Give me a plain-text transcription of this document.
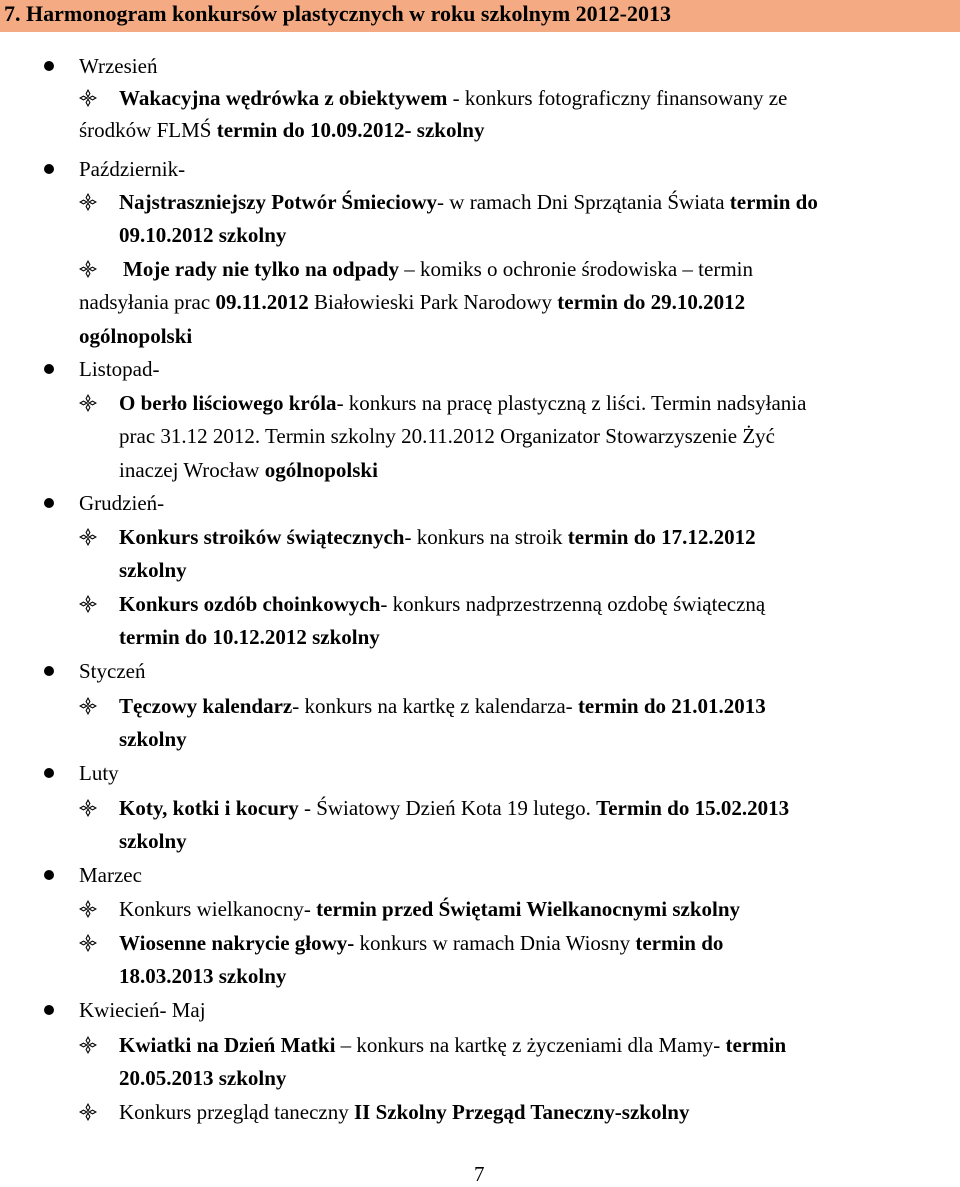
7. Harmonogram konkursów plastycznych w roku szkolnym 2012-2013
Wrzesień
Wakacyjna wędrówka z obiektywem - konkurs fotograficzny finansowany ze
środków FLMŚ termin do 10.09.2012- szkolny
Październik-
Najstraszniejszy Potwór Śmieciowy- w ramach Dni Sprzątania Świata termin do
09.10.2012 szkolny
Moje rady nie tylko na odpady – komiks o ochronie środowiska – termin
nadsyłania prac 09.11.2012 Białowieski Park Narodowy termin do 29.10.2012
ogólnopolski
Listopad-
O berło liściowego króla- konkurs na pracę plastyczną z liści. Termin nadsyłania
prac 31.12 2012. Termin szkolny 20.11.2012 Organizator Stowarzyszenie Żyć
inaczej Wrocław ogólnopolski
Grudzień-
Konkurs stroików świątecznych- konkurs na stroik termin do 17.12.2012
szkolny
Konkurs ozdób choinkowych- konkurs nadprzestrzenną ozdobę świąteczną
termin do 10.12.2012 szkolny
Styczeń
Tęczowy kalendarz- konkurs na kartkę z kalendarza- termin do 21.01.2013
szkolny
Luty
Koty, kotki i kocury - Światowy Dzień Kota 19 lutego. Termin do 15.02.2013
szkolny
Marzec
Konkurs wielkanocny- termin przed Świętami Wielkanocnymi szkolny
Wiosenne nakrycie głowy- konkurs w ramach Dnia Wiosny termin do
18.03.2013 szkolny
Kwiecień- Maj
Kwiatki na Dzień Matki – konkurs na kartkę z życzeniami dla Mamy- termin
20.05.2013 szkolny
Konkurs przegląd taneczny II Szkolny Przegąd Taneczny-szkolny
7
